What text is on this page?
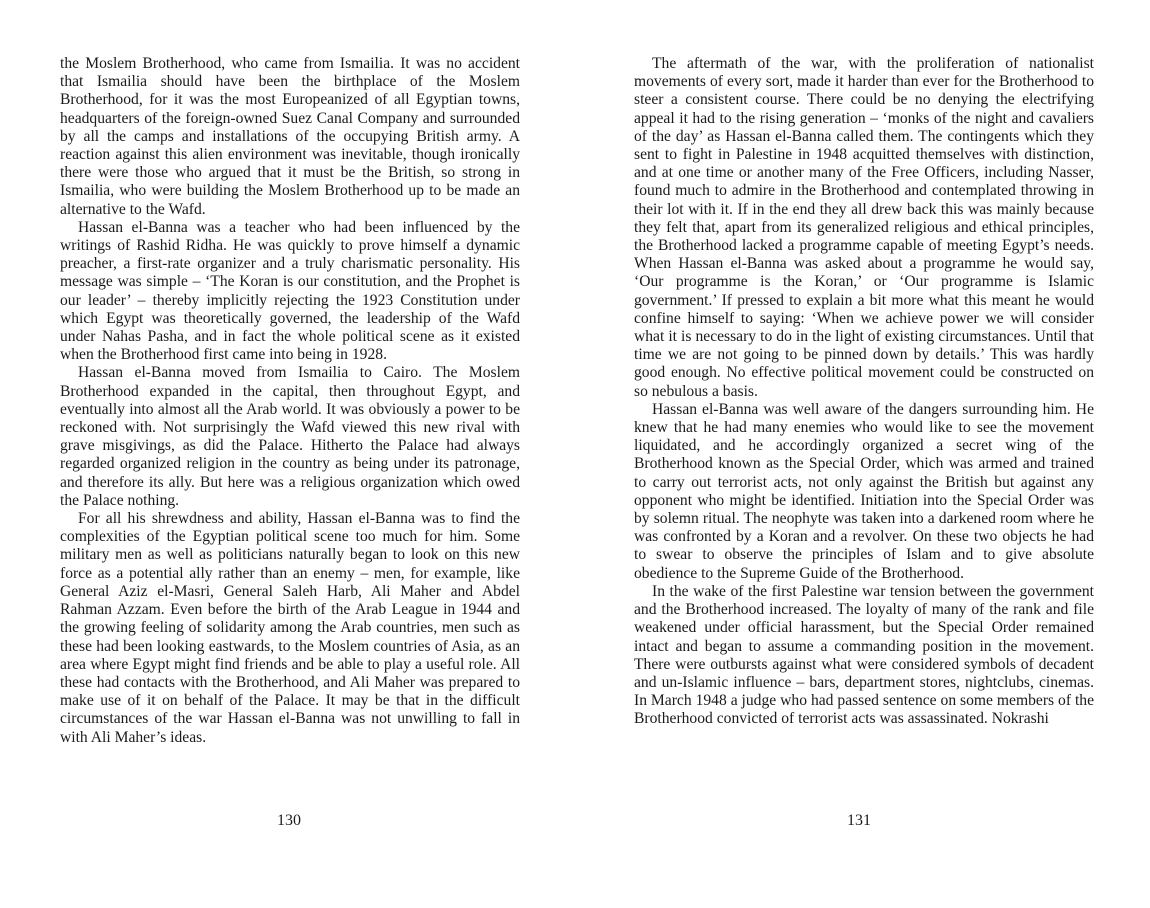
the Moslem Brotherhood, who came from Ismailia. It was no accident that Ismailia should have been the birthplace of the Moslem Brotherhood, for it was the most Europeanized of all Egyptian towns, headquarters of the foreign-owned Suez Canal Company and surrounded by all the camps and installations of the occupying British army. A reaction against this alien environment was inevitable, though ironically there were those who argued that it must be the British, so strong in Ismailia, who were building the Moslem Brotherhood up to be made an alternative to the Wafd.

Hassan el-Banna was a teacher who had been influenced by the writings of Rashid Ridha. He was quickly to prove himself a dynamic preacher, a first-rate organizer and a truly charismatic personality. His message was simple – ‘The Koran is our constitution, and the Prophet is our leader’ – thereby implicitly rejecting the 1923 Constitution under which Egypt was theoretically governed, the leadership of the Wafd under Nahas Pasha, and in fact the whole political scene as it existed when the Brotherhood first came into being in 1928.

Hassan el-Banna moved from Ismailia to Cairo. The Moslem Brotherhood expanded in the capital, then throughout Egypt, and eventually into almost all the Arab world. It was obviously a power to be reckoned with. Not surprisingly the Wafd viewed this new rival with grave misgivings, as did the Palace. Hitherto the Palace had always regarded organized religion in the country as being under its patronage, and therefore its ally. But here was a religious organization which owed the Palace nothing.

For all his shrewdness and ability, Hassan el-Banna was to find the complexities of the Egyptian political scene too much for him. Some military men as well as politicians naturally began to look on this new force as a potential ally rather than an enemy – men, for example, like General Aziz el-Masri, General Saleh Harb, Ali Maher and Abdel Rahman Azzam. Even before the birth of the Arab League in 1944 and the growing feeling of solidarity among the Arab countries, men such as these had been looking eastwards, to the Moslem countries of Asia, as an area where Egypt might find friends and be able to play a useful role. All these had contacts with the Brotherhood, and Ali Maher was prepared to make use of it on behalf of the Palace. It may be that in the difficult circumstances of the war Hassan el-Banna was not unwilling to fall in with Ali Maher’s ideas.

130

The aftermath of the war, with the proliferation of nationalist movements of every sort, made it harder than ever for the Brotherhood to steer a consistent course. There could be no denying the electrifying appeal it had to the rising generation – ‘monks of the night and cavaliers of the day’ as Hassan el-Banna called them. The contingents which they sent to fight in Palestine in 1948 acquitted themselves with distinction, and at one time or another many of the Free Officers, including Nasser, found much to admire in the Brotherhood and contemplated throwing in their lot with it. If in the end they all drew back this was mainly because they felt that, apart from its generalized religious and ethical principles, the Brotherhood lacked a programme capable of meeting Egypt’s needs. When Hassan el-Banna was asked about a programme he would say, ‘Our programme is the Koran,’ or ‘Our programme is Islamic government.’ If pressed to explain a bit more what this meant he would confine himself to saying: ‘When we achieve power we will consider what it is necessary to do in the light of existing circumstances. Until that time we are not going to be pinned down by details.’ This was hardly good enough. No effective political movement could be constructed on so nebulous a basis.

Hassan el-Banna was well aware of the dangers surrounding him. He knew that he had many enemies who would like to see the movement liquidated, and he accordingly organized a secret wing of the Brotherhood known as the Special Order, which was armed and trained to carry out terrorist acts, not only against the British but against any opponent who might be identified. Initiation into the Special Order was by solemn ritual. The neophyte was taken into a darkened room where he was confronted by a Koran and a revolver. On these two objects he had to swear to observe the principles of Islam and to give absolute obedience to the Supreme Guide of the Brotherhood.

In the wake of the first Palestine war tension between the government and the Brotherhood increased. The loyalty of many of the rank and file weakened under official harassment, but the Special Order remained intact and began to assume a commanding position in the movement. There were outbursts against what were considered symbols of decadent and un-Islamic influence – bars, department stores, nightclubs, cinemas. In March 1948 a judge who had passed sentence on some members of the Brotherhood convicted of terrorist acts was assassinated. Nokrashi

131
